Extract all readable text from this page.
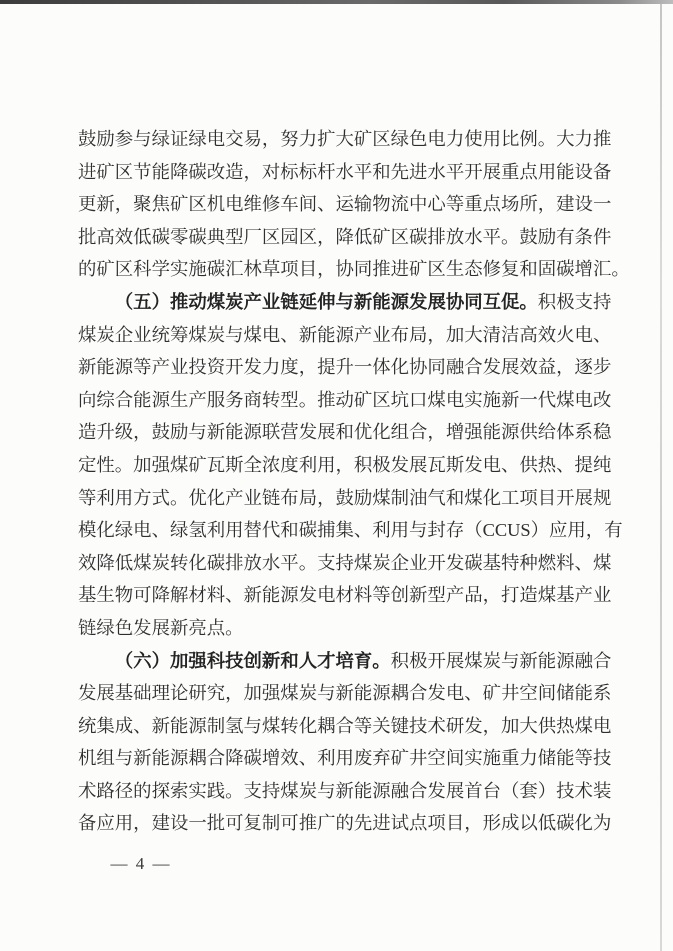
鼓励参与绿证绿电交易，努力扩大矿区绿色电力使用比例。大力推
进矿区节能降碳改造，对标标杆水平和先进水平开展重点用能设备
更新，聚焦矿区机电维修车间、运输物流中心等重点场所，建设一
批高效低碳零碳典型厂区园区，降低矿区碳排放水平。鼓励有条件
的矿区科学实施碳汇林草项目，协同推进矿区生态修复和固碳增汇。
（五）推动煤炭产业链延伸与新能源发展协同互促。积极支持
煤炭企业统筹煤炭与煤电、新能源产业布局，加大清洁高效火电、
新能源等产业投资开发力度，提升一体化协同融合发展效益，逐步
向综合能源生产服务商转型。推动矿区坑口煤电实施新一代煤电改
造升级，鼓励与新能源联营发展和优化组合，增强能源供给体系稳
定性。加强煤矿瓦斯全浓度利用，积极发展瓦斯发电、供热、提纯
等利用方式。优化产业链布局，鼓励煤制油气和煤化工项目开展规
模化绿电、绿氢利用替代和碳捕集、利用与封存（CCUS）应用，有
效降低煤炭转化碳排放水平。支持煤炭企业开发碳基特种燃料、煤
基生物可降解材料、新能源发电材料等创新型产品，打造煤基产业
链绿色发展新亮点。
（六）加强科技创新和人才培育。积极开展煤炭与新能源融合
发展基础理论研究，加强煤炭与新能源耦合发电、矿井空间储能系
统集成、新能源制氢与煤转化耦合等关键技术研发，加大供热煤电
机组与新能源耦合降碳增效、利用废弃矿井空间实施重力储能等技
术路径的探索实践。支持煤炭与新能源融合发展首台（套）技术装
备应用，建设一批可复制可推广的先进试点项目，形成以低碳化为
— 4 —
